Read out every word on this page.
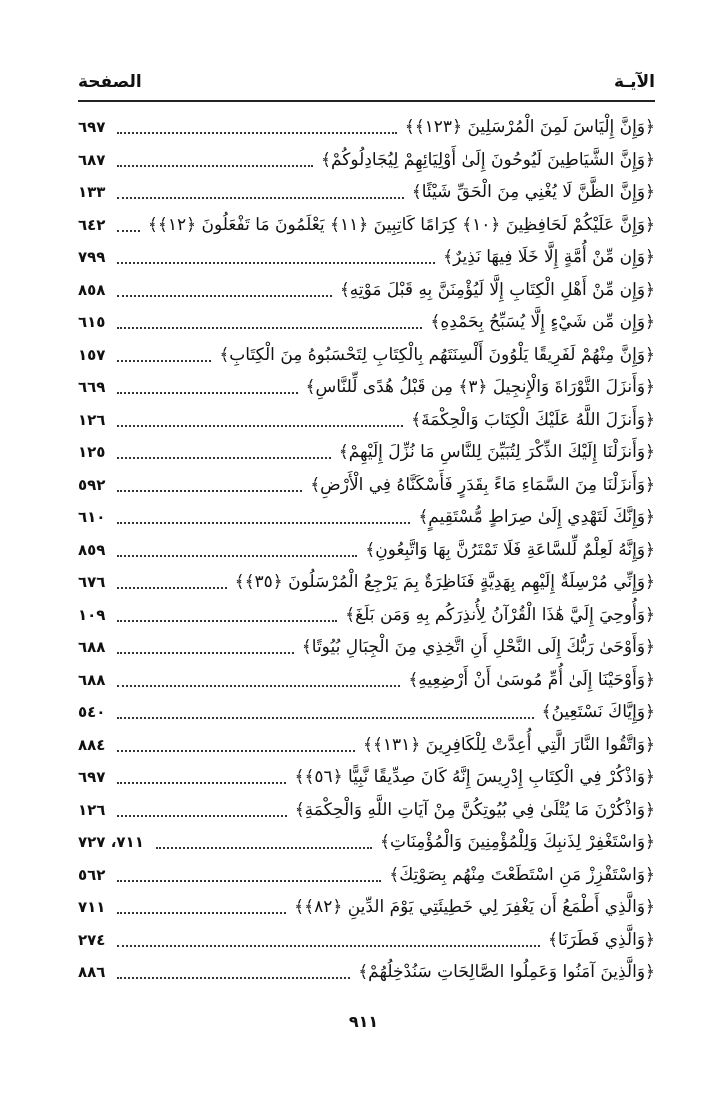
الصفحة	الآيـة
٦٩٧	﴿وَإِنَّ إِلْيَاسَ لَمِنَ الْمُرْسَلِينَ ﴿١٢٣﴾﴾
٦٨٧	﴿وَإِنَّ الشَّيَاطِينَ لَيُوحُونَ إِلَىٰ أَوْلِيَائِهِمْ لِيُجَادِلُوكُمْ﴾
١٣٣	﴿وَإِنَّ الظَّنَّ لَا يُغْنِي مِنَ الْحَقِّ شَيْئًا﴾
٦٤٢ ﴿وَإِنَّ عَلَيْكُمْ لَحَافِظِينَ ﴿١٠﴾ كِرَامًا كَاتِبِينَ ﴿١١﴾ يَعْلَمُونَ مَا تَفْعَلُونَ ﴿١٢﴾﴾
٧٩٩	﴿وَإِن مِّنْ أُمَّةٍ إِلَّا خَلَا فِيهَا نَذِيرٌ﴾
٨٥٨	﴿وَإِن مِّنْ أَهْلِ الْكِتَابِ إِلَّا لَيُؤْمِنَنَّ بِهِ قَبْلَ مَوْتِهِ﴾
٦١٥	﴿وَإِن مِّن شَيْءٍ إِلَّا يُسَبِّحُ بِحَمْدِهِ﴾
١٥٧	﴿وَإِنَّ مِنْهُمْ لَفَرِيقًا يَلْوُونَ أَلْسِنَتَهُم بِالْكِتَابِ لِتَحْسَبُوهُ مِنَ الْكِتَابِ﴾
٦٦٩	﴿وَأَنزَلَ التَّوْرَاةَ وَالْإِنجِيلَ ﴿٣﴾ مِن قَبْلُ هُدًى لِّلنَّاسِ﴾
١٢٦	﴿وَأَنزَلَ اللَّهُ عَلَيْكَ الْكِتَابَ وَالْحِكْمَةَ﴾
١٢٥	﴿وَأَنزَلْنَا إِلَيْكَ الذِّكْرَ لِتُبَيِّنَ لِلنَّاسِ مَا نُزِّلَ إِلَيْهِمْ﴾
٥٩٢	﴿وَأَنزَلْنَا مِنَ السَّمَاءِ مَاءً بِقَدَرٍ فَأَسْكَنَّاهُ فِي الْأَرْضِ﴾
٦١٠	﴿وَإِنَّكَ لَتَهْدِي إِلَىٰ صِرَاطٍ مُّسْتَقِيمٍ﴾
٨٥٩	﴿وَإِنَّهُ لَعِلْمٌ لِّلسَّاعَةِ فَلَا تَمْتَرُنَّ بِهَا وَاتَّبِعُونِ﴾
٦٧٦	﴿وَإِنِّي مُرْسِلَةٌ إِلَيْهِم بِهَدِيَّةٍ فَنَاظِرَةٌ بِمَ يَرْجِعُ الْمُرْسَلُونَ ﴿٣٥﴾﴾
١٠٩	﴿وَأُوحِيَ إِلَيَّ هَٰذَا الْقُرْآنُ لِأُنذِرَكُم بِهِ وَمَن بَلَغَ﴾
٦٨٨	﴿وَأَوْحَىٰ رَبُّكَ إِلَى النَّحْلِ أَنِ اتَّخِذِي مِنَ الْجِبَالِ بُيُوتًا﴾
٦٨٨	﴿وَأَوْحَيْنَا إِلَىٰ أُمِّ مُوسَىٰ أَنْ أَرْضِعِيهِ﴾
٥٤٠	﴿وَإِيَّاكَ نَسْتَعِينُ﴾
٨٨٤	﴿وَاتَّقُوا النَّارَ الَّتِي أُعِدَّتْ لِلْكَافِرِينَ ﴿١٣١﴾﴾
٦٩٧	﴿وَاذْكُرْ فِي الْكِتَابِ إِدْرِيسَ إِنَّهُ كَانَ صِدِّيقًا نَّبِيًّا ﴿٥٦﴾﴾
١٢٦	﴿وَاذْكُرْنَ مَا يُتْلَىٰ فِي بُيُوتِكُنَّ مِنْ آيَاتِ اللَّهِ وَالْحِكْمَةِ﴾
٧١١، ٧٢٧	﴿وَاسْتَغْفِرْ لِذَنبِكَ وَلِلْمُؤْمِنِينَ وَالْمُؤْمِنَاتِ﴾
٥٦٢	﴿وَاسْتَفْزِزْ مَنِ اسْتَطَعْتَ مِنْهُم بِصَوْتِكَ﴾
٧١١	﴿وَالَّذِي أَطْمَعُ أَن يَغْفِرَ لِي خَطِيئَتِي يَوْمَ الدِّينِ ﴿٨٢﴾﴾
٢٧٤	﴿وَالَّذِي فَطَرَنَا﴾
٨٨٦	﴿وَالَّذِينَ آمَنُوا وَعَمِلُوا الصَّالِحَاتِ سَنُدْخِلُهُمْ﴾
٩١١
